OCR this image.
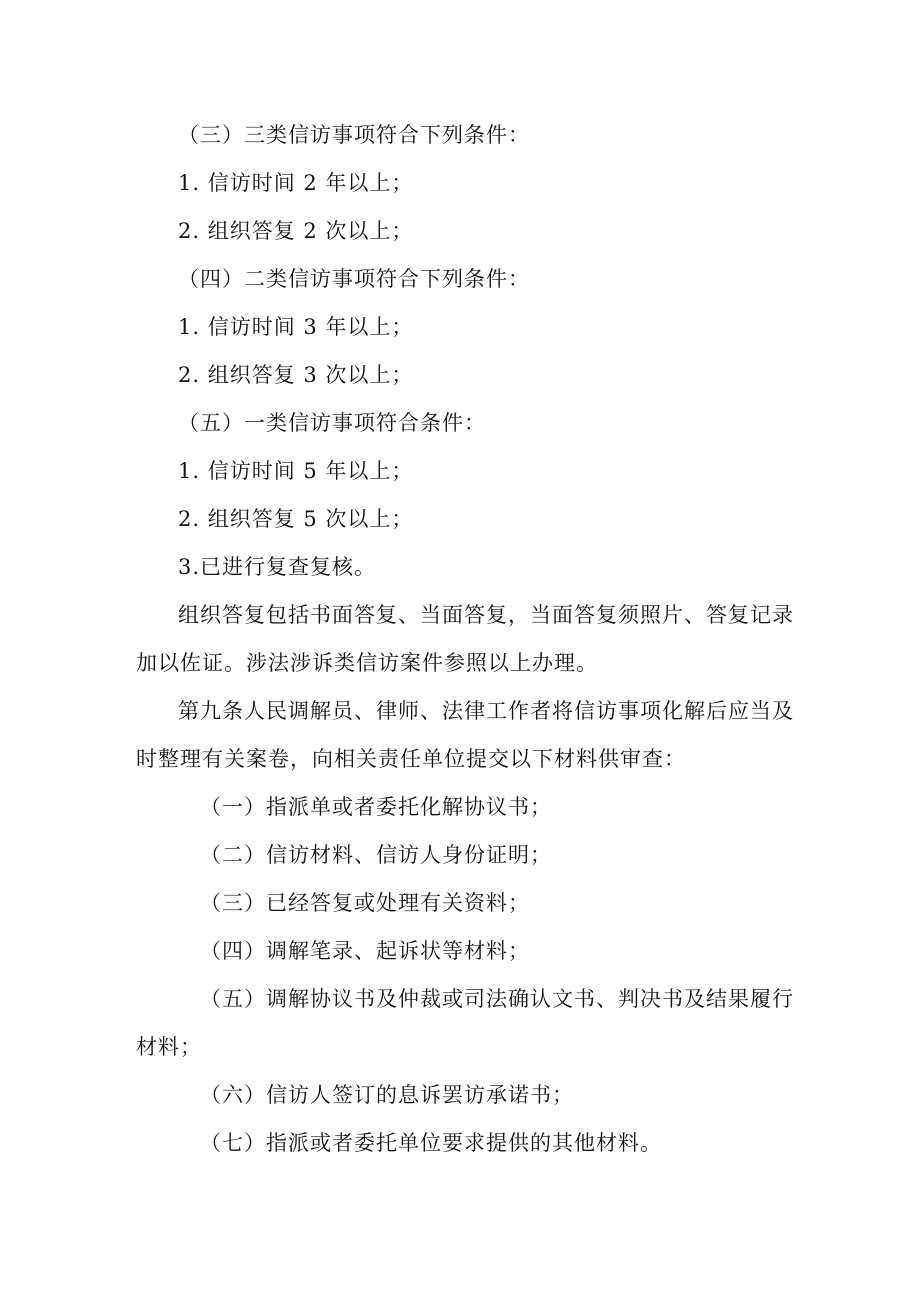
（三）三类信访事项符合下列条件：
1. 信访时间 2 年以上；
2. 组织答复 2 次以上；
（四）二类信访事项符合下列条件：
1. 信访时间 3 年以上；
2. 组织答复 3 次以上；
（五）一类信访事项符合条件：
1. 信访时间 5 年以上；
2. 组织答复 5 次以上；
3.已进行复查复核。
组织答复包括书面答复、当面答复，当面答复须照片、答复记录
加以佐证。涉法涉诉类信访案件参照以上办理。
第九条人民调解员、律师、法律工作者将信访事项化解后应当及
时整理有关案卷，向相关责任单位提交以下材料供审查：
（一）指派单或者委托化解协议书；
（二）信访材料、信访人身份证明；
（三）已经答复或处理有关资料；
（四）调解笔录、起诉状等材料；
（五）调解协议书及仲裁或司法确认文书、判决书及结果履行
材料；
（六）信访人签订的息诉罢访承诺书；
（七）指派或者委托单位要求提供的其他材料。
